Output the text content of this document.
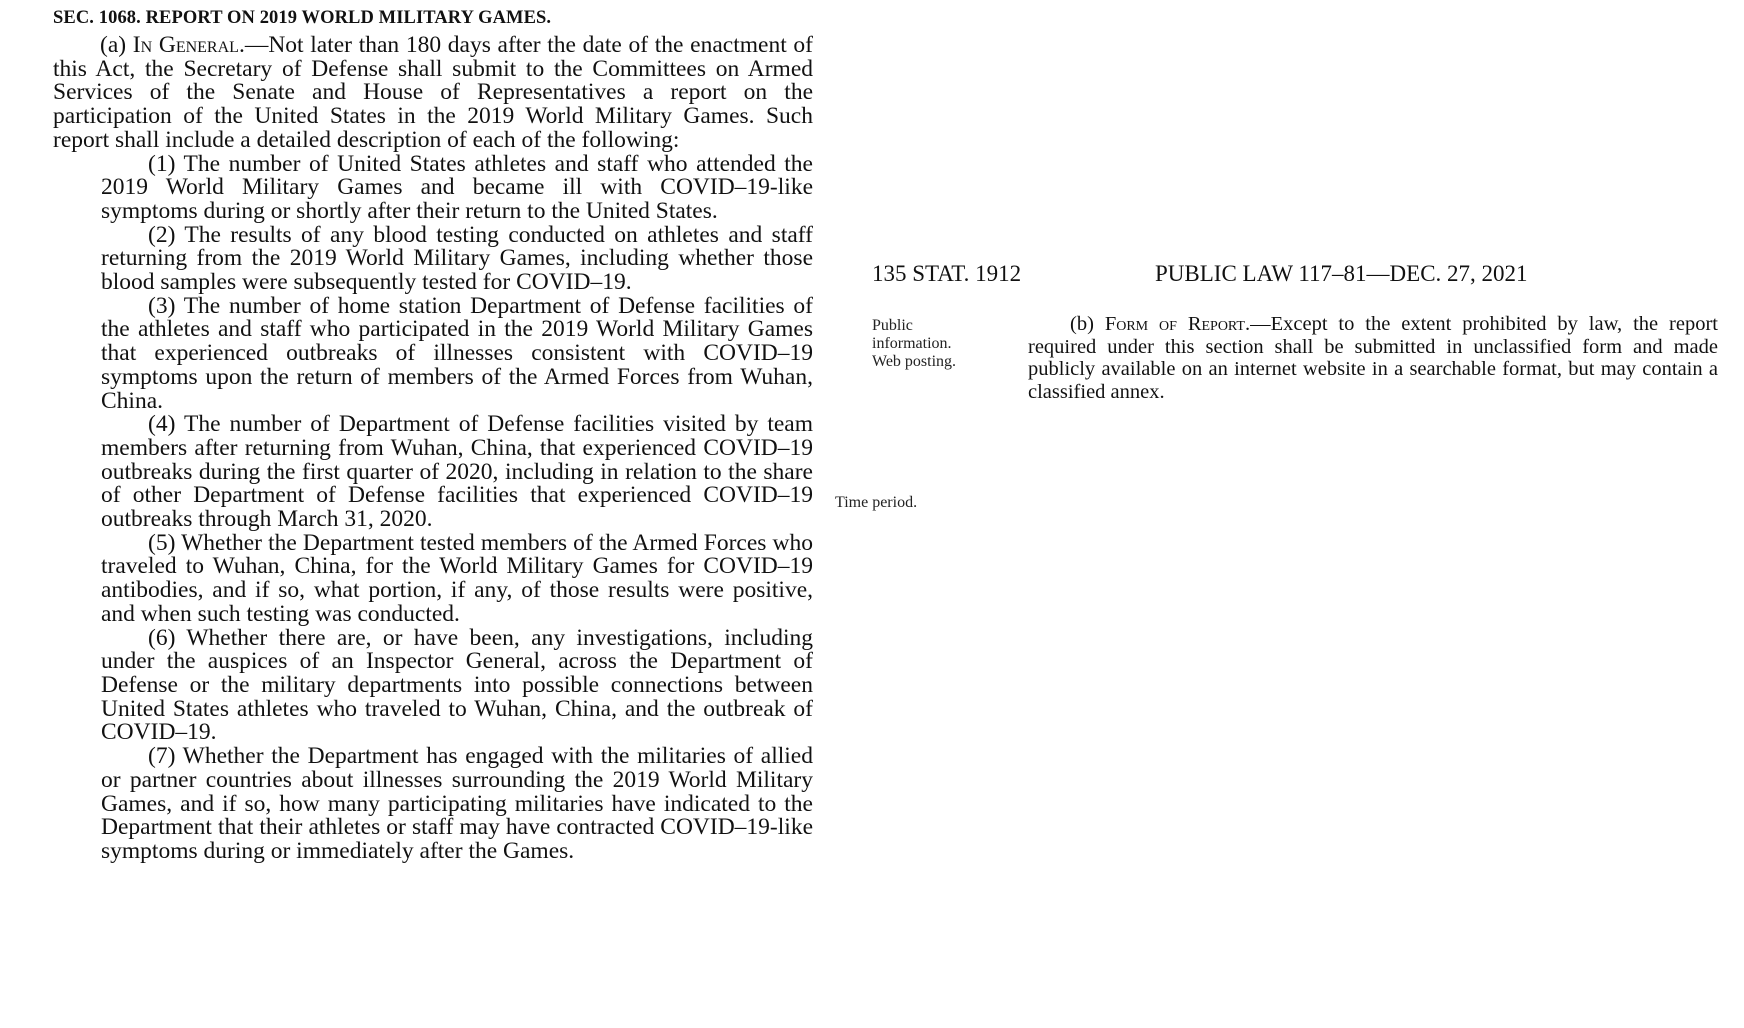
SEC. 1068. REPORT ON 2019 WORLD MILITARY GAMES.

(a) In General.—Not later than 180 days after the date of the enactment of this Act, the Secretary of Defense shall submit to the Committees on Armed Services of the Senate and House of Representatives a report on the participation of the United States in the 2019 World Military Games. Such report shall include a detailed description of each of the following:

(1) The number of United States athletes and staff who attended the 2019 World Military Games and became ill with COVID–19-like symptoms during or shortly after their return to the United States.

(2) The results of any blood testing conducted on athletes and staff returning from the 2019 World Military Games, including whether those blood samples were subsequently tested for COVID–19.

(3) The number of home station Department of Defense facilities of the athletes and staff who participated in the 2019 World Military Games that experienced outbreaks of illnesses consistent with COVID–19 symptoms upon the return of members of the Armed Forces from Wuhan, China.

(4) The number of Department of Defense facilities visited by team members after returning from Wuhan, China, that experienced COVID–19 outbreaks during the first quarter of 2020, including in relation to the share of other Department of Defense facilities that experienced COVID–19 outbreaks through March 31, 2020.

(5) Whether the Department tested members of the Armed Forces who traveled to Wuhan, China, for the World Military Games for COVID–19 antibodies, and if so, what portion, if any, of those results were positive, and when such testing was conducted.

(6) Whether there are, or have been, any investigations, including under the auspices of an Inspector General, across the Department of Defense or the military departments into possible connections between United States athletes who traveled to Wuhan, China, and the outbreak of COVID–19.

(7) Whether the Department has engaged with the militaries of allied or partner countries about illnesses surrounding the 2019 World Military Games, and if so, how many participating militaries have indicated to the Department that their athletes or staff may have contracted COVID–19-like symptoms during or immediately after the Games.

135 STAT. 1912	PUBLIC LAW 117–81—DEC. 27, 2021
Public
information.
Web posting.

(b) Form of Report.—Except to the extent prohibited by law, the report required under this section shall be submitted in unclassified form and made publicly available on an internet website in a searchable format, but may contain a classified annex.

Time period.
